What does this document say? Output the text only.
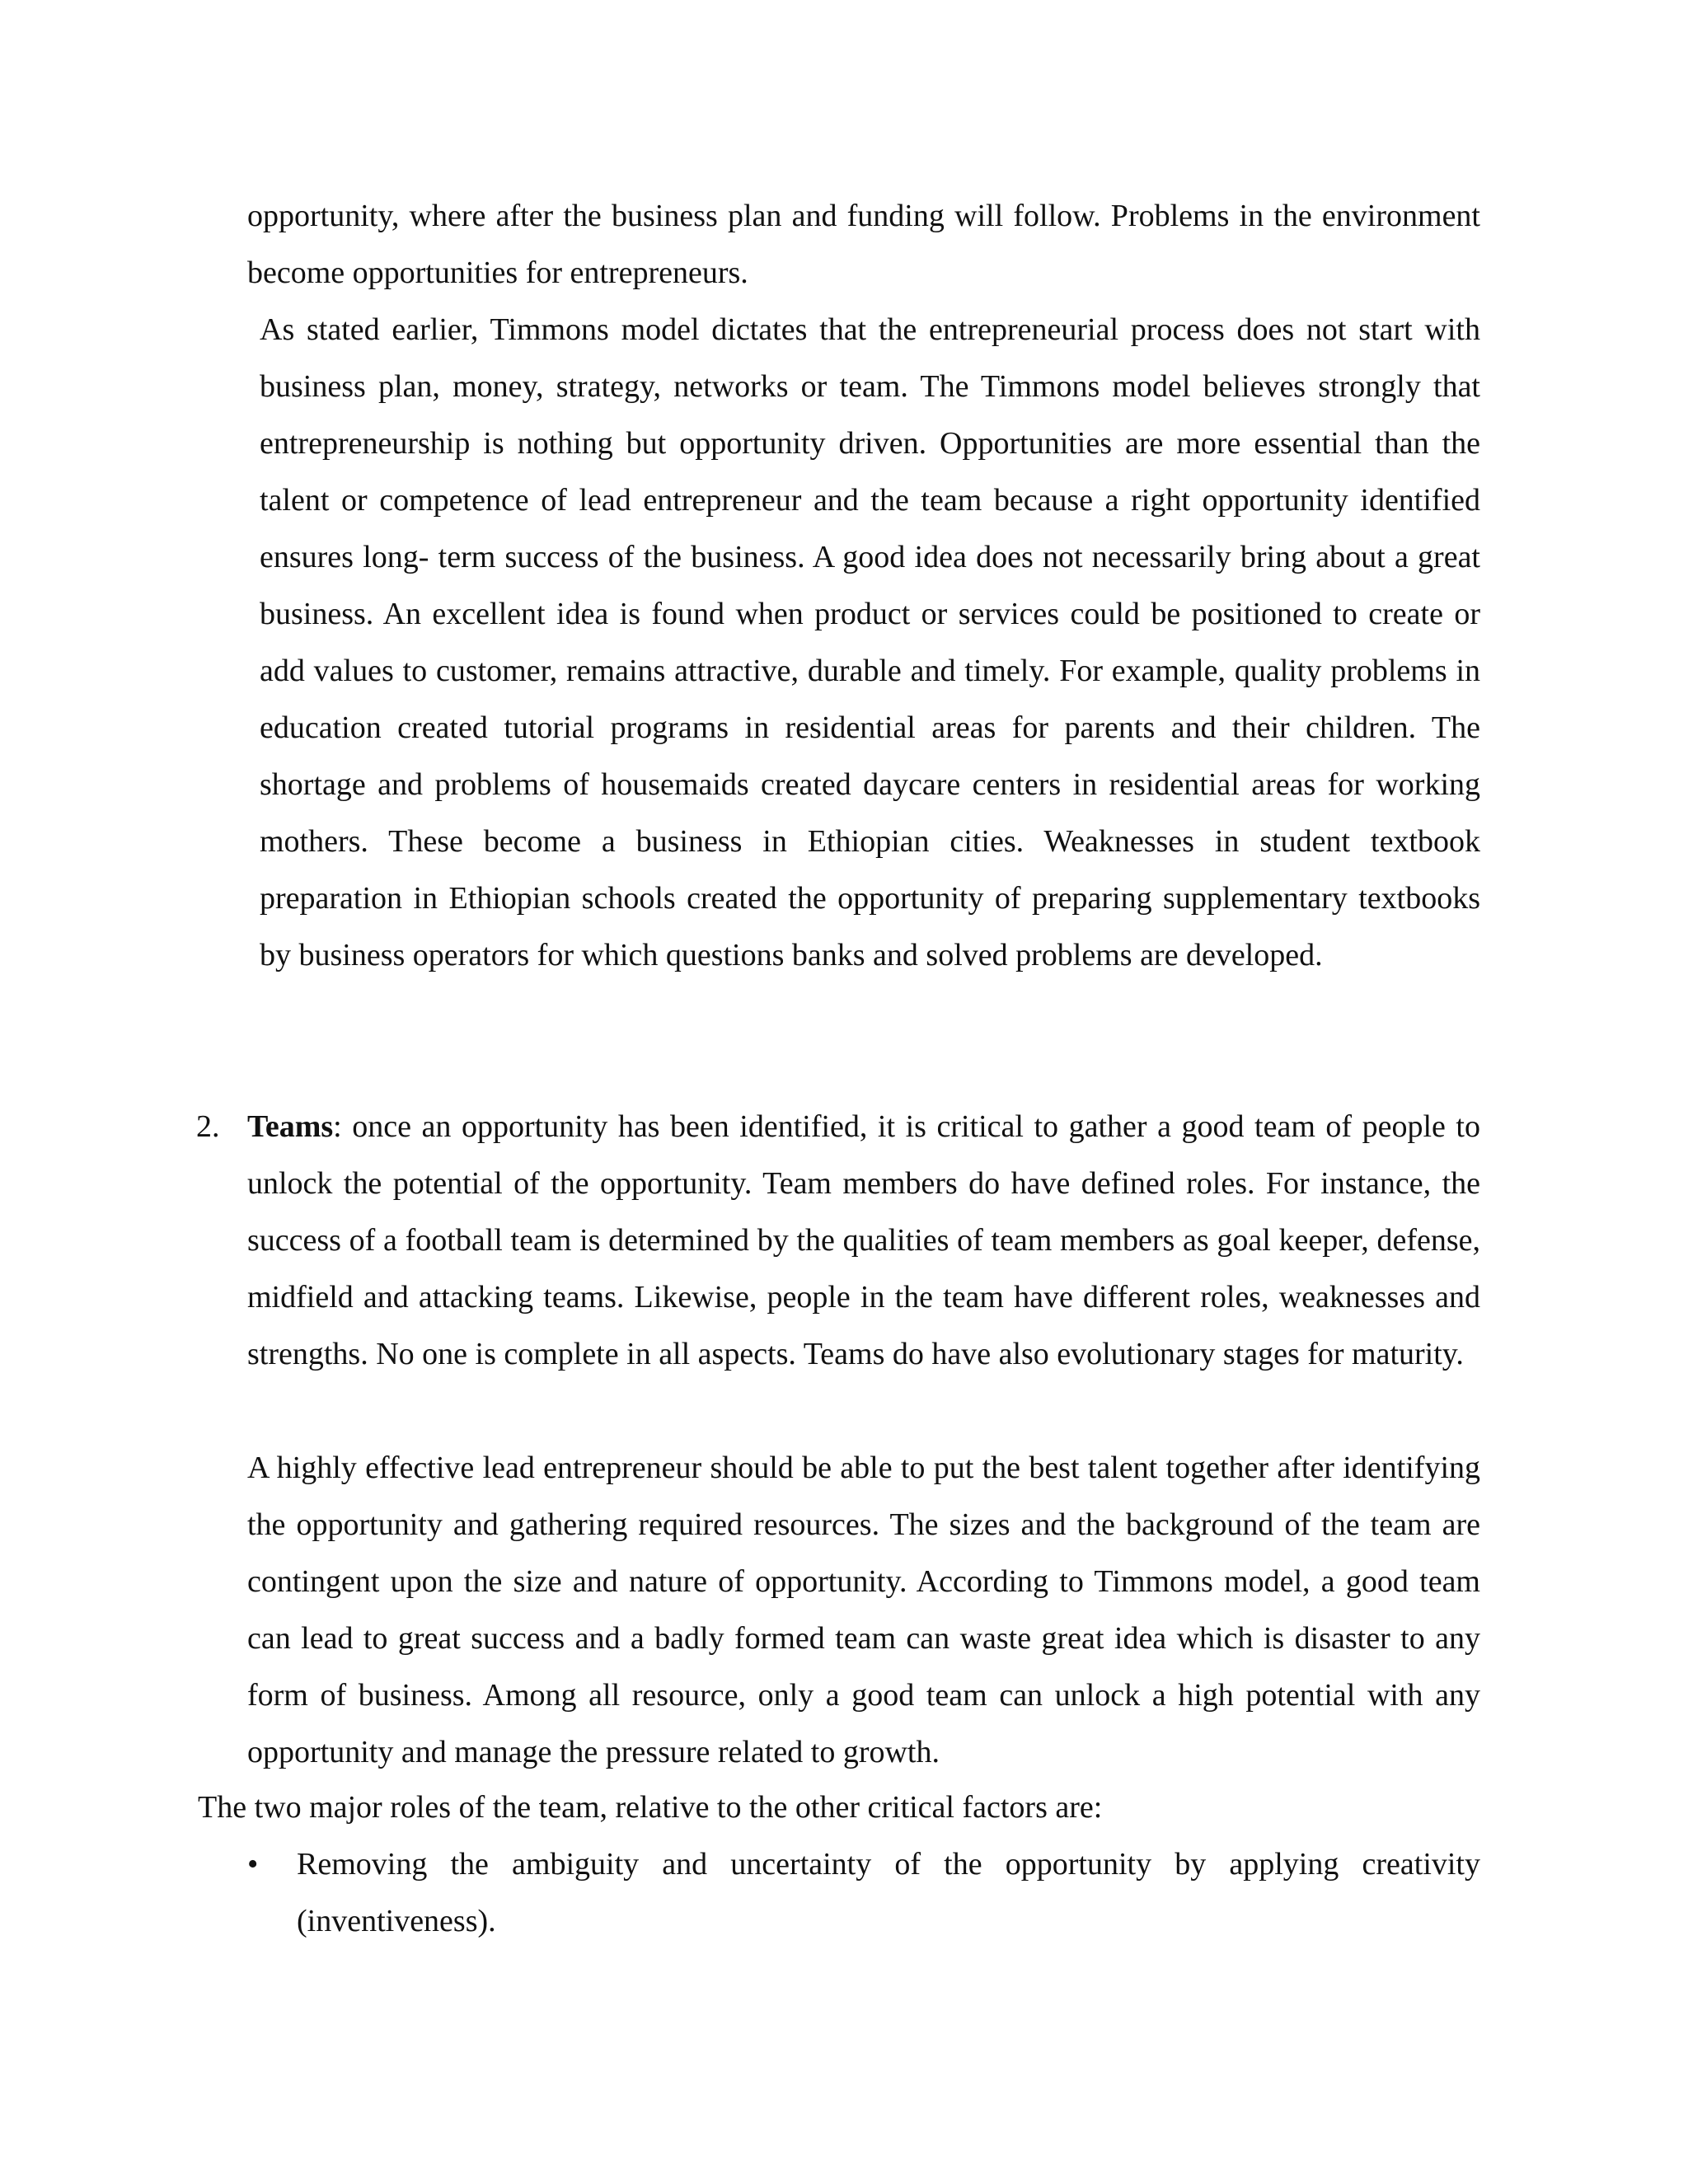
opportunity, where after the business plan and funding will follow. Problems in the environment become opportunities for entrepreneurs.

As stated earlier, Timmons model dictates that the entrepreneurial process does not start with business plan, money, strategy, networks or team. The Timmons model believes strongly that entrepreneurship is nothing but opportunity driven. Opportunities are more essential than the talent or competence of lead entrepreneur and the team because a right opportunity identified ensures long- term success of the business. A good idea does not necessarily bring about a great business. An excellent idea is found when product or services could be positioned to create or add values to customer, remains attractive, durable and timely. For example, quality problems in education created tutorial programs in residential areas for parents and their children. The shortage and problems of housemaids created daycare centers in residential areas for working mothers. These become a business in Ethiopian cities. Weaknesses in student textbook preparation in Ethiopian schools created the opportunity of preparing supplementary textbooks by business operators for which questions banks and solved problems are developed.

2. Teams: once an opportunity has been identified, it is critical to gather a good team of people to unlock the potential of the opportunity. Team members do have defined roles. For instance, the success of a football team is determined by the qualities of team members as goal keeper, defense, midfield and attacking teams. Likewise, people in the team have different roles, weaknesses and strengths. No one is complete in all aspects. Teams do have also evolutionary stages for maturity.

A highly effective lead entrepreneur should be able to put the best talent together after identifying the opportunity and gathering required resources. The sizes and the background of the team are contingent upon the size and nature of opportunity. According to Timmons model, a good team can lead to great success and a badly formed team can waste great idea which is disaster to any form of business. Among all resource, only a good team can unlock a high potential with any opportunity and manage the pressure related to growth.

The two major roles of the team, relative to the other critical factors are:

• Removing the ambiguity and uncertainty of the opportunity by applying creativity (inventiveness).
